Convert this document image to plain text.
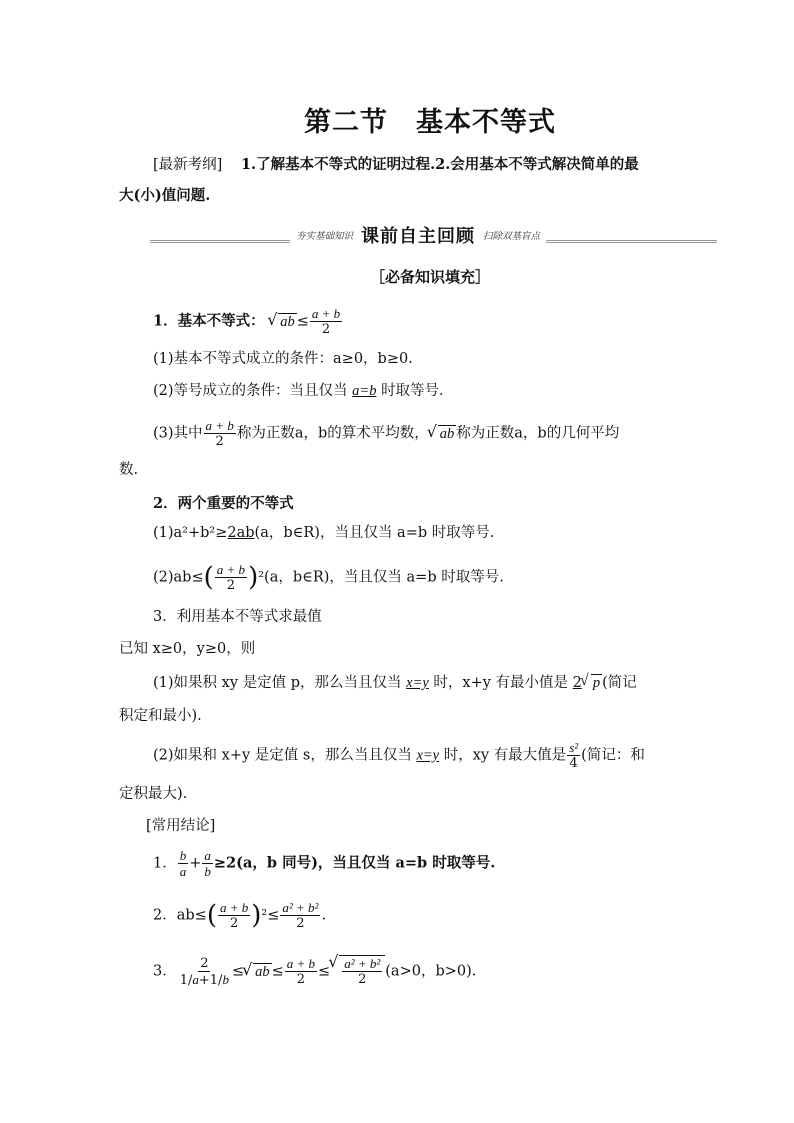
第二节　基本不等式
[最新考纲] 1.了解基本不等式的证明过程.2.会用基本不等式解决简单的最
大(小)值问题.
夯实基础知识 课前自主回顾 扫除双基盲点
［必备知识填充］
1．基本不等式： √ ab ≤ $\frac{a + b}{2}$
(1)基本不等式成立的条件：a≥0，b≥0.
(2)等号成立的条件：当且仅当 a=b 时取等号．
(3)其中 $\frac{a + b}{2}$ 称为正数a，b的算术平均数， √ ab 称为正数a，b的几何平均
数.
2．两个重要的不等式
(1)a²+b²≥2ab(a，b∈R)，当且仅当 a=b 时取等号.
$(2)ab\le( \frac{a + b}{2} )^2(a$，b∈R)，当且仅当 a=b 时取等号.
3．利用基本不等式求最值
已知 x≥0，y≥0，则
(1)如果积 xy 是定值 p，那么当且仅当 x=y 时，x+y 有最小值是 2 √ p (简记
积定和最小).
(2)如果和 x+y 是定值 s，那么当且仅当 x=y 时，xy 有最大值是 $\frac{\text{s²}}{4}$ (简记：和
定积最大).
[常用结论]
1． $\frac{b}{a} + \frac{a}{b} \ge 2(a$，b 同号)，当且仅当 a=b 时取等号.
2．$ab\le( \frac{a + b}{2} )^2\le \frac{\text{a² + b²}}{2}$ .
3． $\frac{2}{1/a+1/b}$ ≤ √ ab ≤ $\frac{a + b}{2}$ ≤ √ $\frac{\text{a² + b²}}{2} (a>0$，b>0).
